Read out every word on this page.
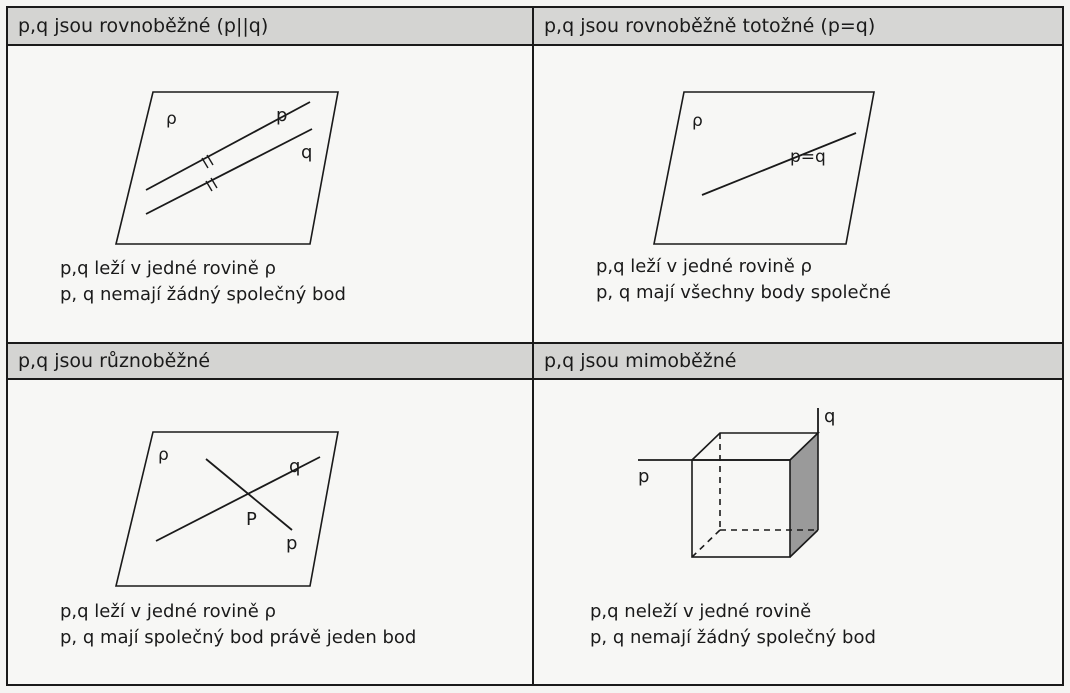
p,q jsou rovnoběžné (p||q)
ρ	p
q
p,q leží v jedné rovině ρ
p, q nemají žádný společný bod
p,q jsou rovnoběžně totožné (p=q)
ρ
p=q
p,q leží v jedné rovině ρ
p, q mají všechny body společné
p,q jsou různoběžné
ρ
q
P
p
p,q leží v jedné rovině ρ
p, q mají společný bod právě jeden bod
p,q jsou mimoběžné
q
p
p,q neleží v jedné rovině
p, q nemají žádný společný bod
